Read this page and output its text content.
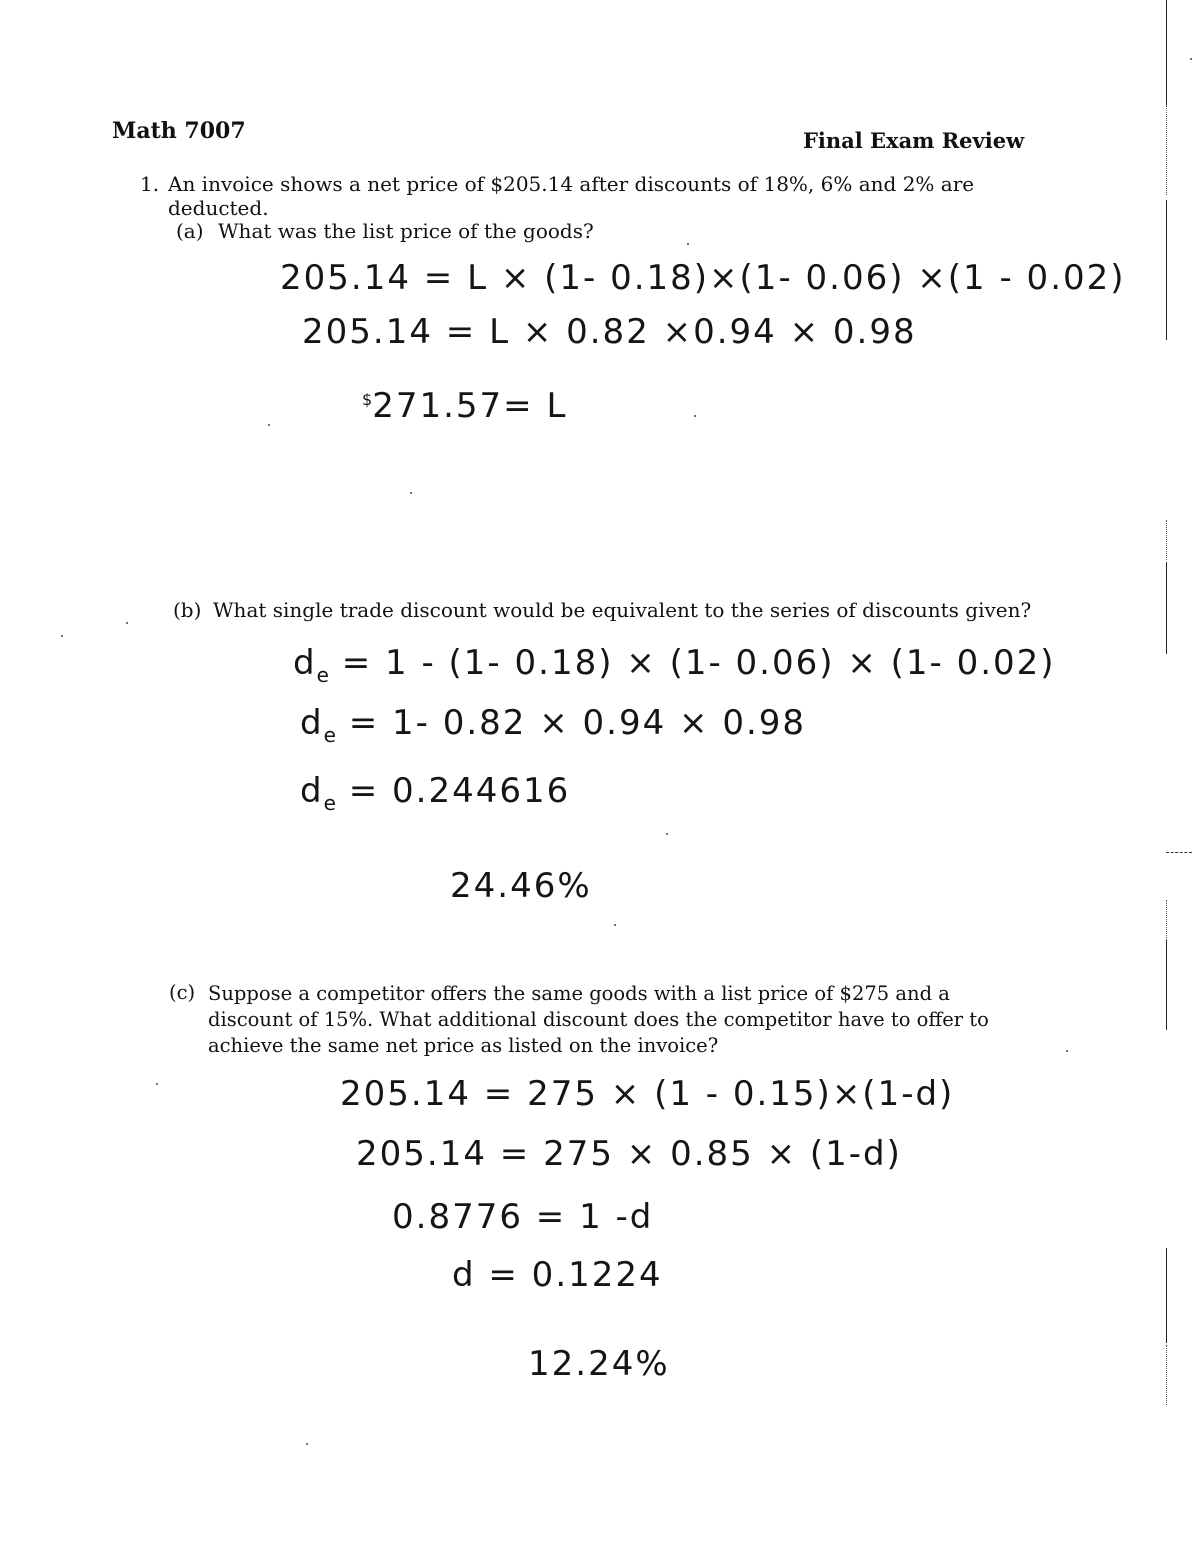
Math 7007	Final Exam Review
1. An invoice shows a net price of $205.14 after discounts of 18%, 6% and 2% are deducted.
(a) What was the list price of the goods?
205.14 = L × (1- 0.18)×(1- 0.06) ×(1 - 0.02)
205.14 = L × 0.82 ×0.94 × 0.98
$271.57= L
(b) What single trade discount would be equivalent to the series of discounts given?
$d_e = 1 - (1-$ 0.18) × (1- 0.06) × (1- 0.02)
$d_e = 1-$ 0.82 × 0.94 × 0.98
$d_e = 0.244616$
24.46%
(c) Suppose a competitor offers the same goods with a list price of $275 and a discount of 15%. What additional discount does the competitor have to offer to achieve the same net price as listed on the invoice?
205.14 = 275 × (1 - 0.15)×(1-d)
205.14 = 275 × 0.85 × (1-d)
0.8776 = 1 -d
d = 0.1224
12.24%
